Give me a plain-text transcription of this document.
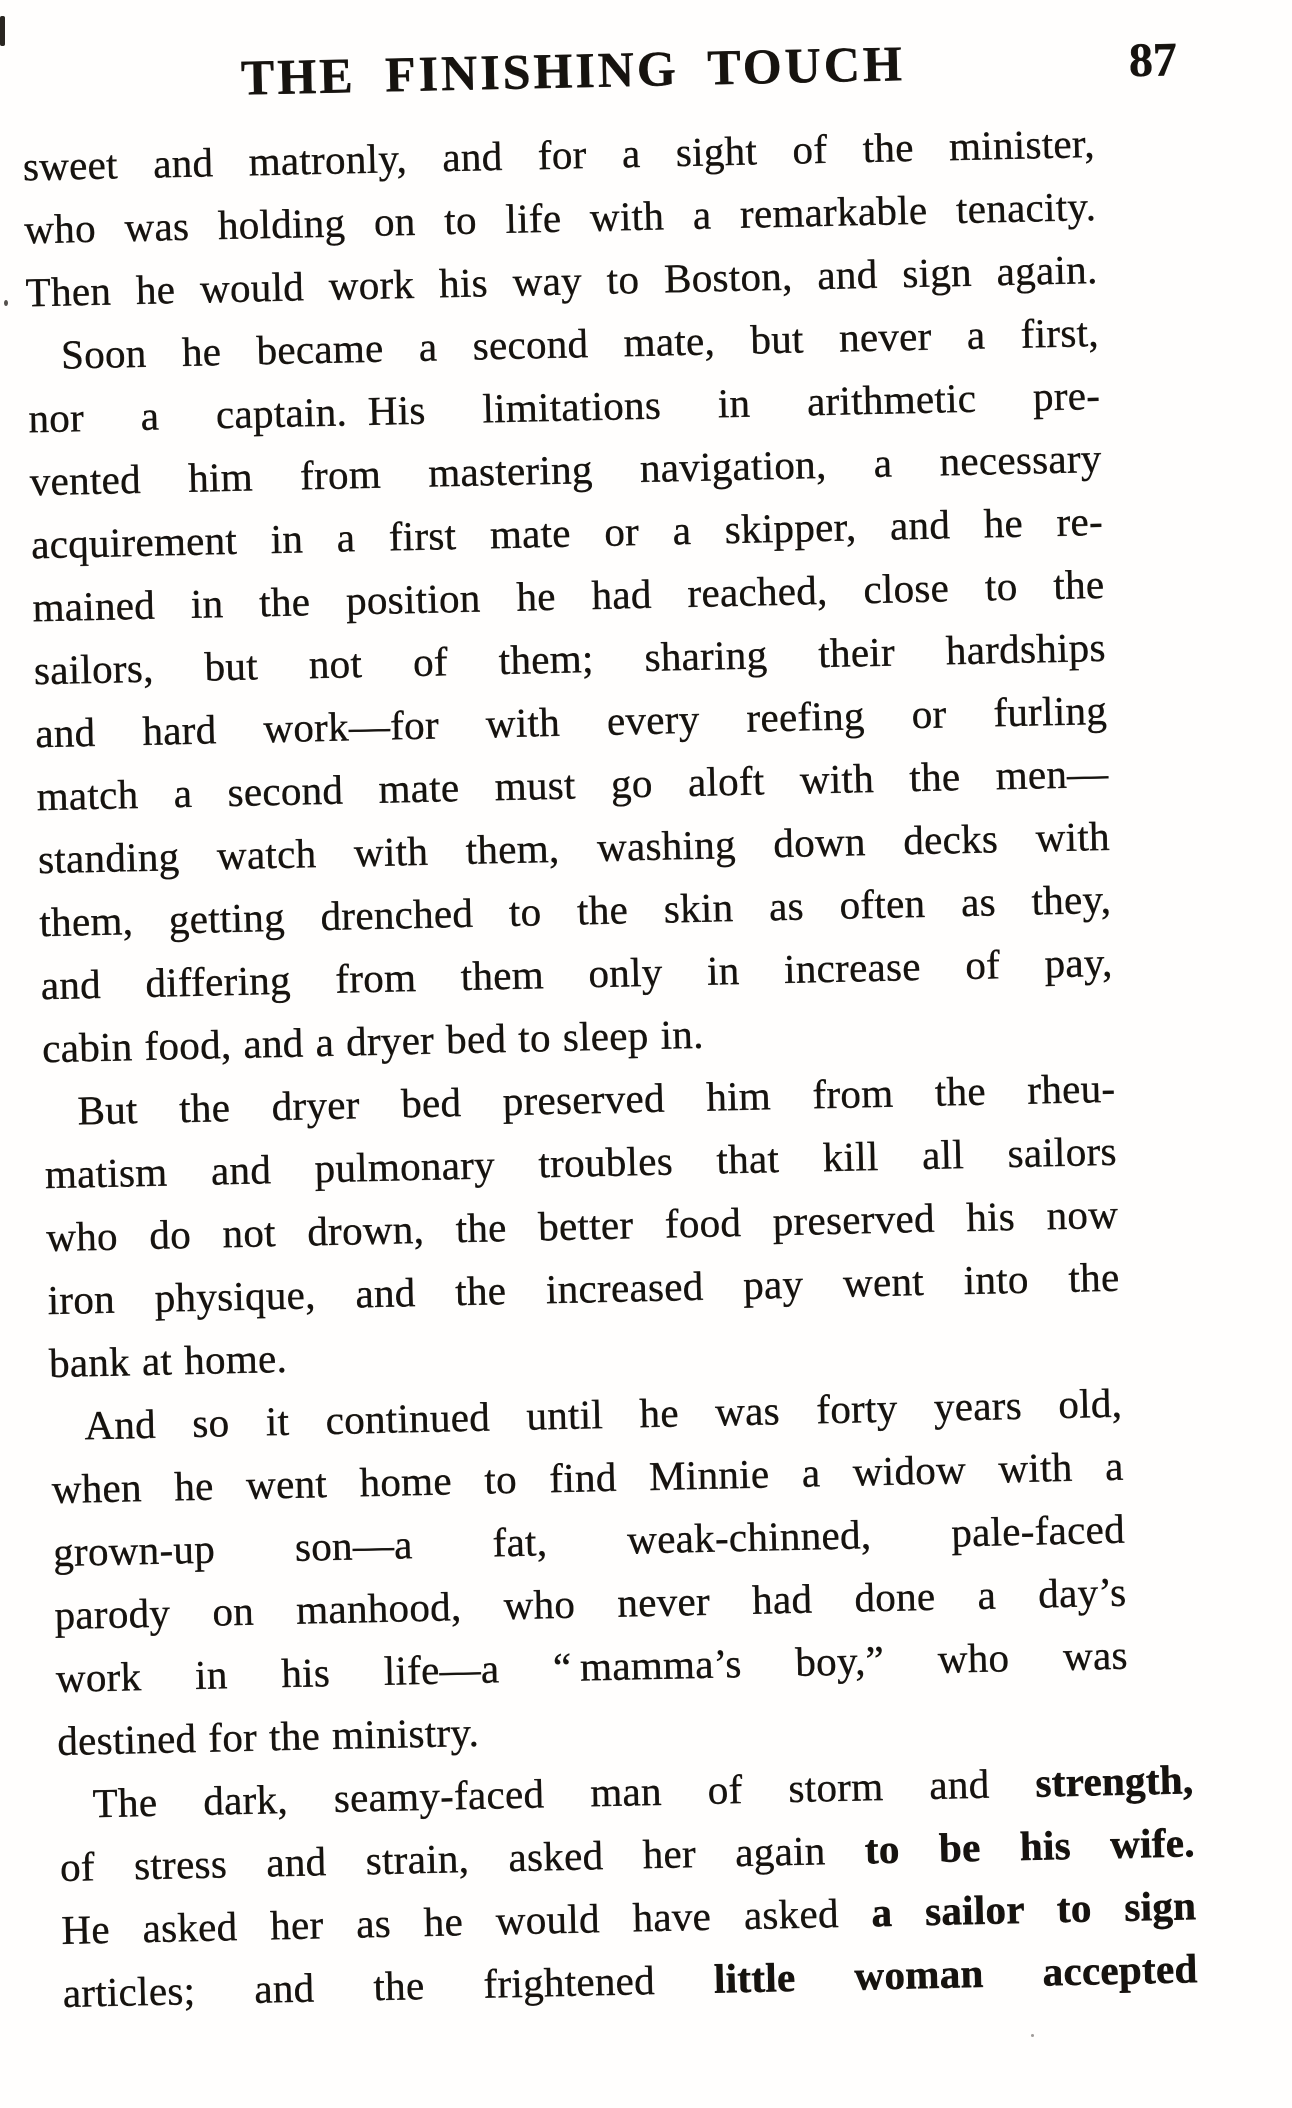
THE FINISHING TOUCH	87
sweet and matronly, and for a sight of the minister,
who was holding on to life with a remarkable tenacity.
Then he would work his way to Boston, and sign again.
Soon he became a second mate, but never a first,
nor a captain. His limitations in arithmetic pre-
vented him from mastering navigation, a necessary
acquirement in a first mate or a skipper, and he re-
mained in the position he had reached, close to the
sailors, but not of them; sharing their hardships
and hard work—for with every reefing or furling
match a second mate must go aloft with the men—
standing watch with them, washing down decks with
them, getting drenched to the skin as often as they,
and differing from them only in increase of pay,
cabin food, and a dryer bed to sleep in.
But the dryer bed preserved him from the rheu-
matism and pulmonary troubles that kill all sailors
who do not drown, the better food preserved his now
iron physique, and the increased pay went into the
bank at home.
And so it continued until he was forty years old,
when he went home to find Minnie a widow with a
grown-up son—a fat, weak-chinned, pale-faced
parody on manhood, who never had done a day’s
work in his life—a “ mamma’s boy,” who was
destined for the ministry.
The dark, seamy-faced man of storm and strength,
of stress and strain, asked her again to be his wife.
He asked her as he would have asked a sailor to sign
articles; and the frightened little woman accepted
